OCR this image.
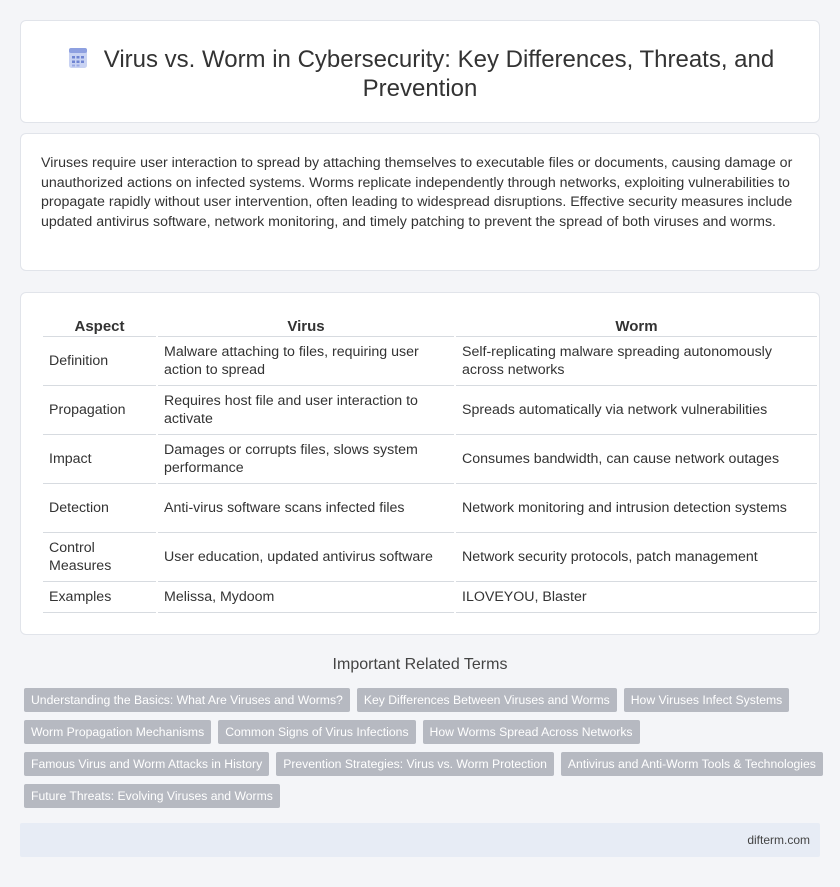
Virus vs. Worm in Cybersecurity: Key Differences, Threats, and Prevention

Viruses require user interaction to spread by attaching themselves to executable files or documents, causing damage or unauthorized actions on infected systems. Worms replicate independently through networks, exploiting vulnerabilities to propagate rapidly without user intervention, often leading to widespread disruptions. Effective security measures include updated antivirus software, network monitoring, and timely patching to prevent the spread of both viruses and worms.

Aspect	Virus	Worm
Definition	Malware attaching to files, requiring user action to spread	Self-replicating malware spreading autonomously across networks
Propagation	Requires host file and user interaction to activate	Spreads automatically via network vulnerabilities
Impact	Damages or corrupts files, slows system performance	Consumes bandwidth, can cause network outages
Detection	Anti-virus software scans infected files	Network monitoring and intrusion detection systems
Control Measures	User education, updated antivirus software	Network security protocols, patch management
Examples	Melissa, Mydoom	ILOVEYOU, Blaster
Important Related Terms
Understanding the Basics: What Are Viruses and Worms?	Key Differences Between Viruses and Worms	How Viruses Infect Systems
Worm Propagation Mechanisms	Common Signs of Virus Infections	How Worms Spread Across Networks
Famous Virus and Worm Attacks in History	Prevention Strategies: Virus vs. Worm Protection	Antivirus and Anti-Worm Tools & Technologies
Future Threats: Evolving Viruses and Worms
difterm.com
